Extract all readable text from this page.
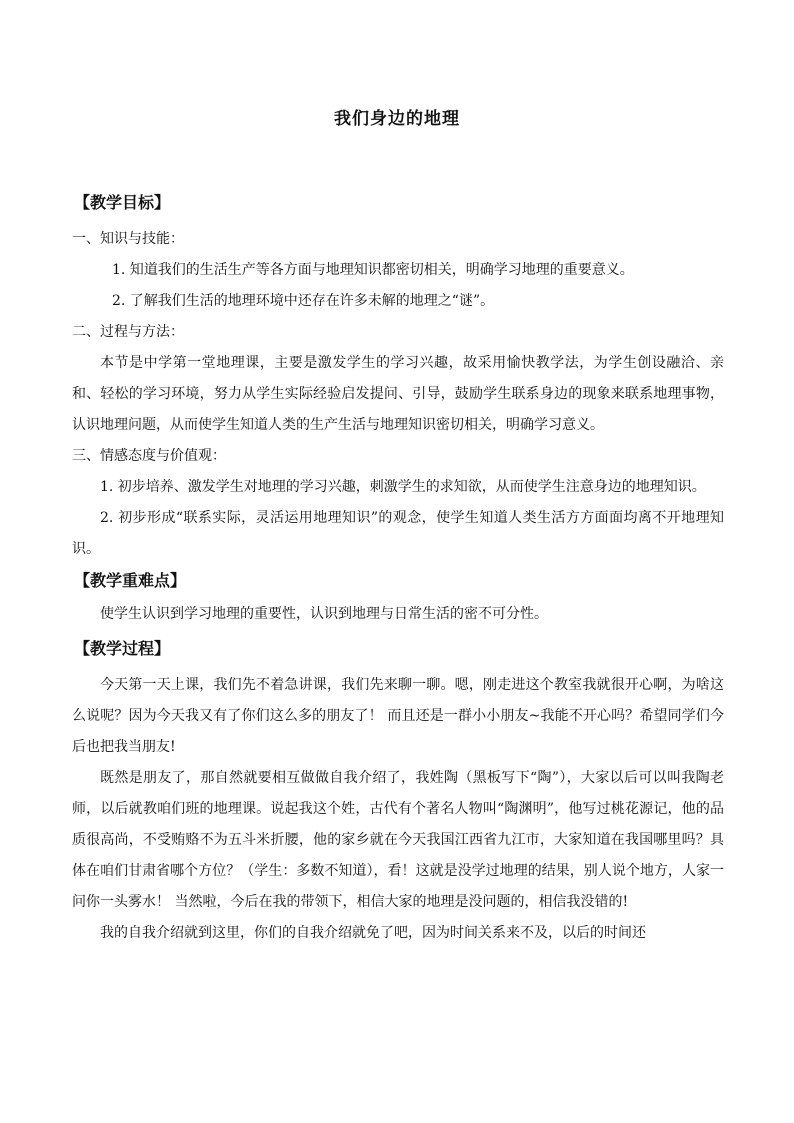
我们身边的地理
【教学目标】
一、知识与技能：
1. 知道我们的生活生产等各方面与地理知识都密切相关，明确学习地理的重要意义。
2. 了解我们生活的地理环境中还存在许多未解的地理之“谜”。
二、过程与方法：

本节是中学第一堂地理课，主要是激发学生的学习兴趣，故采用愉快教学法，为学生创设融洽、亲和、轻松的学习环境，努力从学生实际经验启发提问、引导，鼓励学生联系身边的现象来联系地理事物，认识地理问题，从而使学生知道人类的生产生活与地理知识密切相关，明确学习意义。

三、情感态度与价值观：

1. 初步培养、激发学生对地理的学习兴趣，刺激学生的求知欲，从而使学生注意身边的地理知识。

2. 初步形成“联系实际，灵活运用地理知识”的观念，使学生知道人类生活方方面面均离不开地理知识。

【教学重难点】

使学生认识到学习地理的重要性，认识到地理与日常生活的密不可分性。

【教学过程】

今天第一天上课，我们先不着急讲课，我们先来聊一聊。嗯，刚走进这个教室我就很开心啊，为啥这么说呢？因为今天我又有了你们这么多的朋友了！ 而且还是一群小小朋友~我能不开心吗？希望同学们今后也把我当朋友!

既然是朋友了，那自然就要相互做做自我介绍了，我姓陶（黑板写下“陶”），大家以后可以叫我陶老师，以后就教咱们班的地理课。说起我这个姓，古代有个著名人物叫“陶渊明”，他写过桃花源记，他的品质很高尚，不受贿赂不为五斗米折腰，他的家乡就在今天我国江西省九江市，大家知道在我国哪里吗？具体在咱们甘肃省哪个方位？（学生：多数不知道），看！这就是没学过地理的结果，别人说个地方，人家一问你一头雾水！ 当然啦，今后在我的带领下，相信大家的地理是没问题的，相信我没错的!

我的自我介绍就到这里，你们的自我介绍就免了吧，因为时间关系来不及，以后的时间还
